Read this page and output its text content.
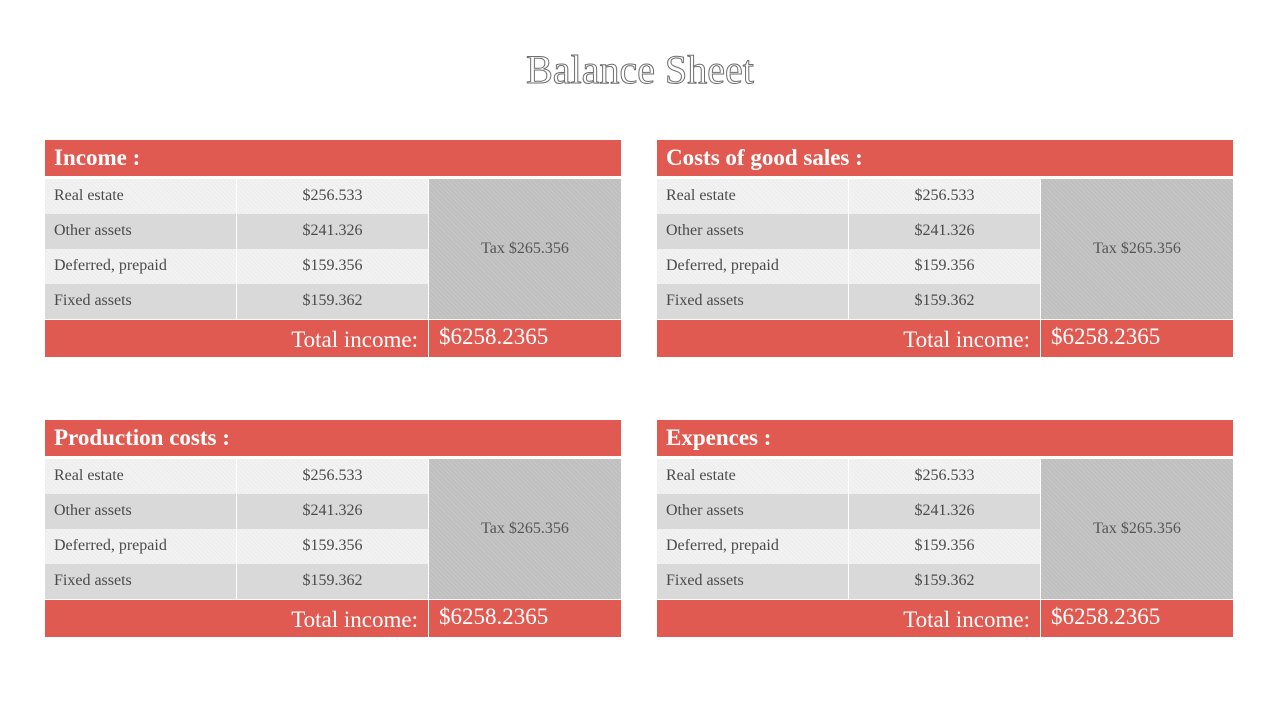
Balance Sheet
Income :
Real estate	$256.533
Other assets	$241.326
Deferred, prepaid	$159.356
Fixed assets	$159.362
Tax $265.356
Total income: $6258.2365
Costs of good sales :
Real estate	$256.533
Other assets	$241.326
Deferred, prepaid	$159.356
Fixed assets	$159.362
Tax $265.356
Total income: $6258.2365
Production costs :
Real estate	$256.533
Other assets	$241.326
Deferred, prepaid	$159.356
Fixed assets	$159.362
Tax $265.356
Total income: $6258.2365
Expences :
Real estate	$256.533
Other assets	$241.326
Deferred, prepaid	$159.356
Fixed assets	$159.362
Tax $265.356
Total income: $6258.2365
